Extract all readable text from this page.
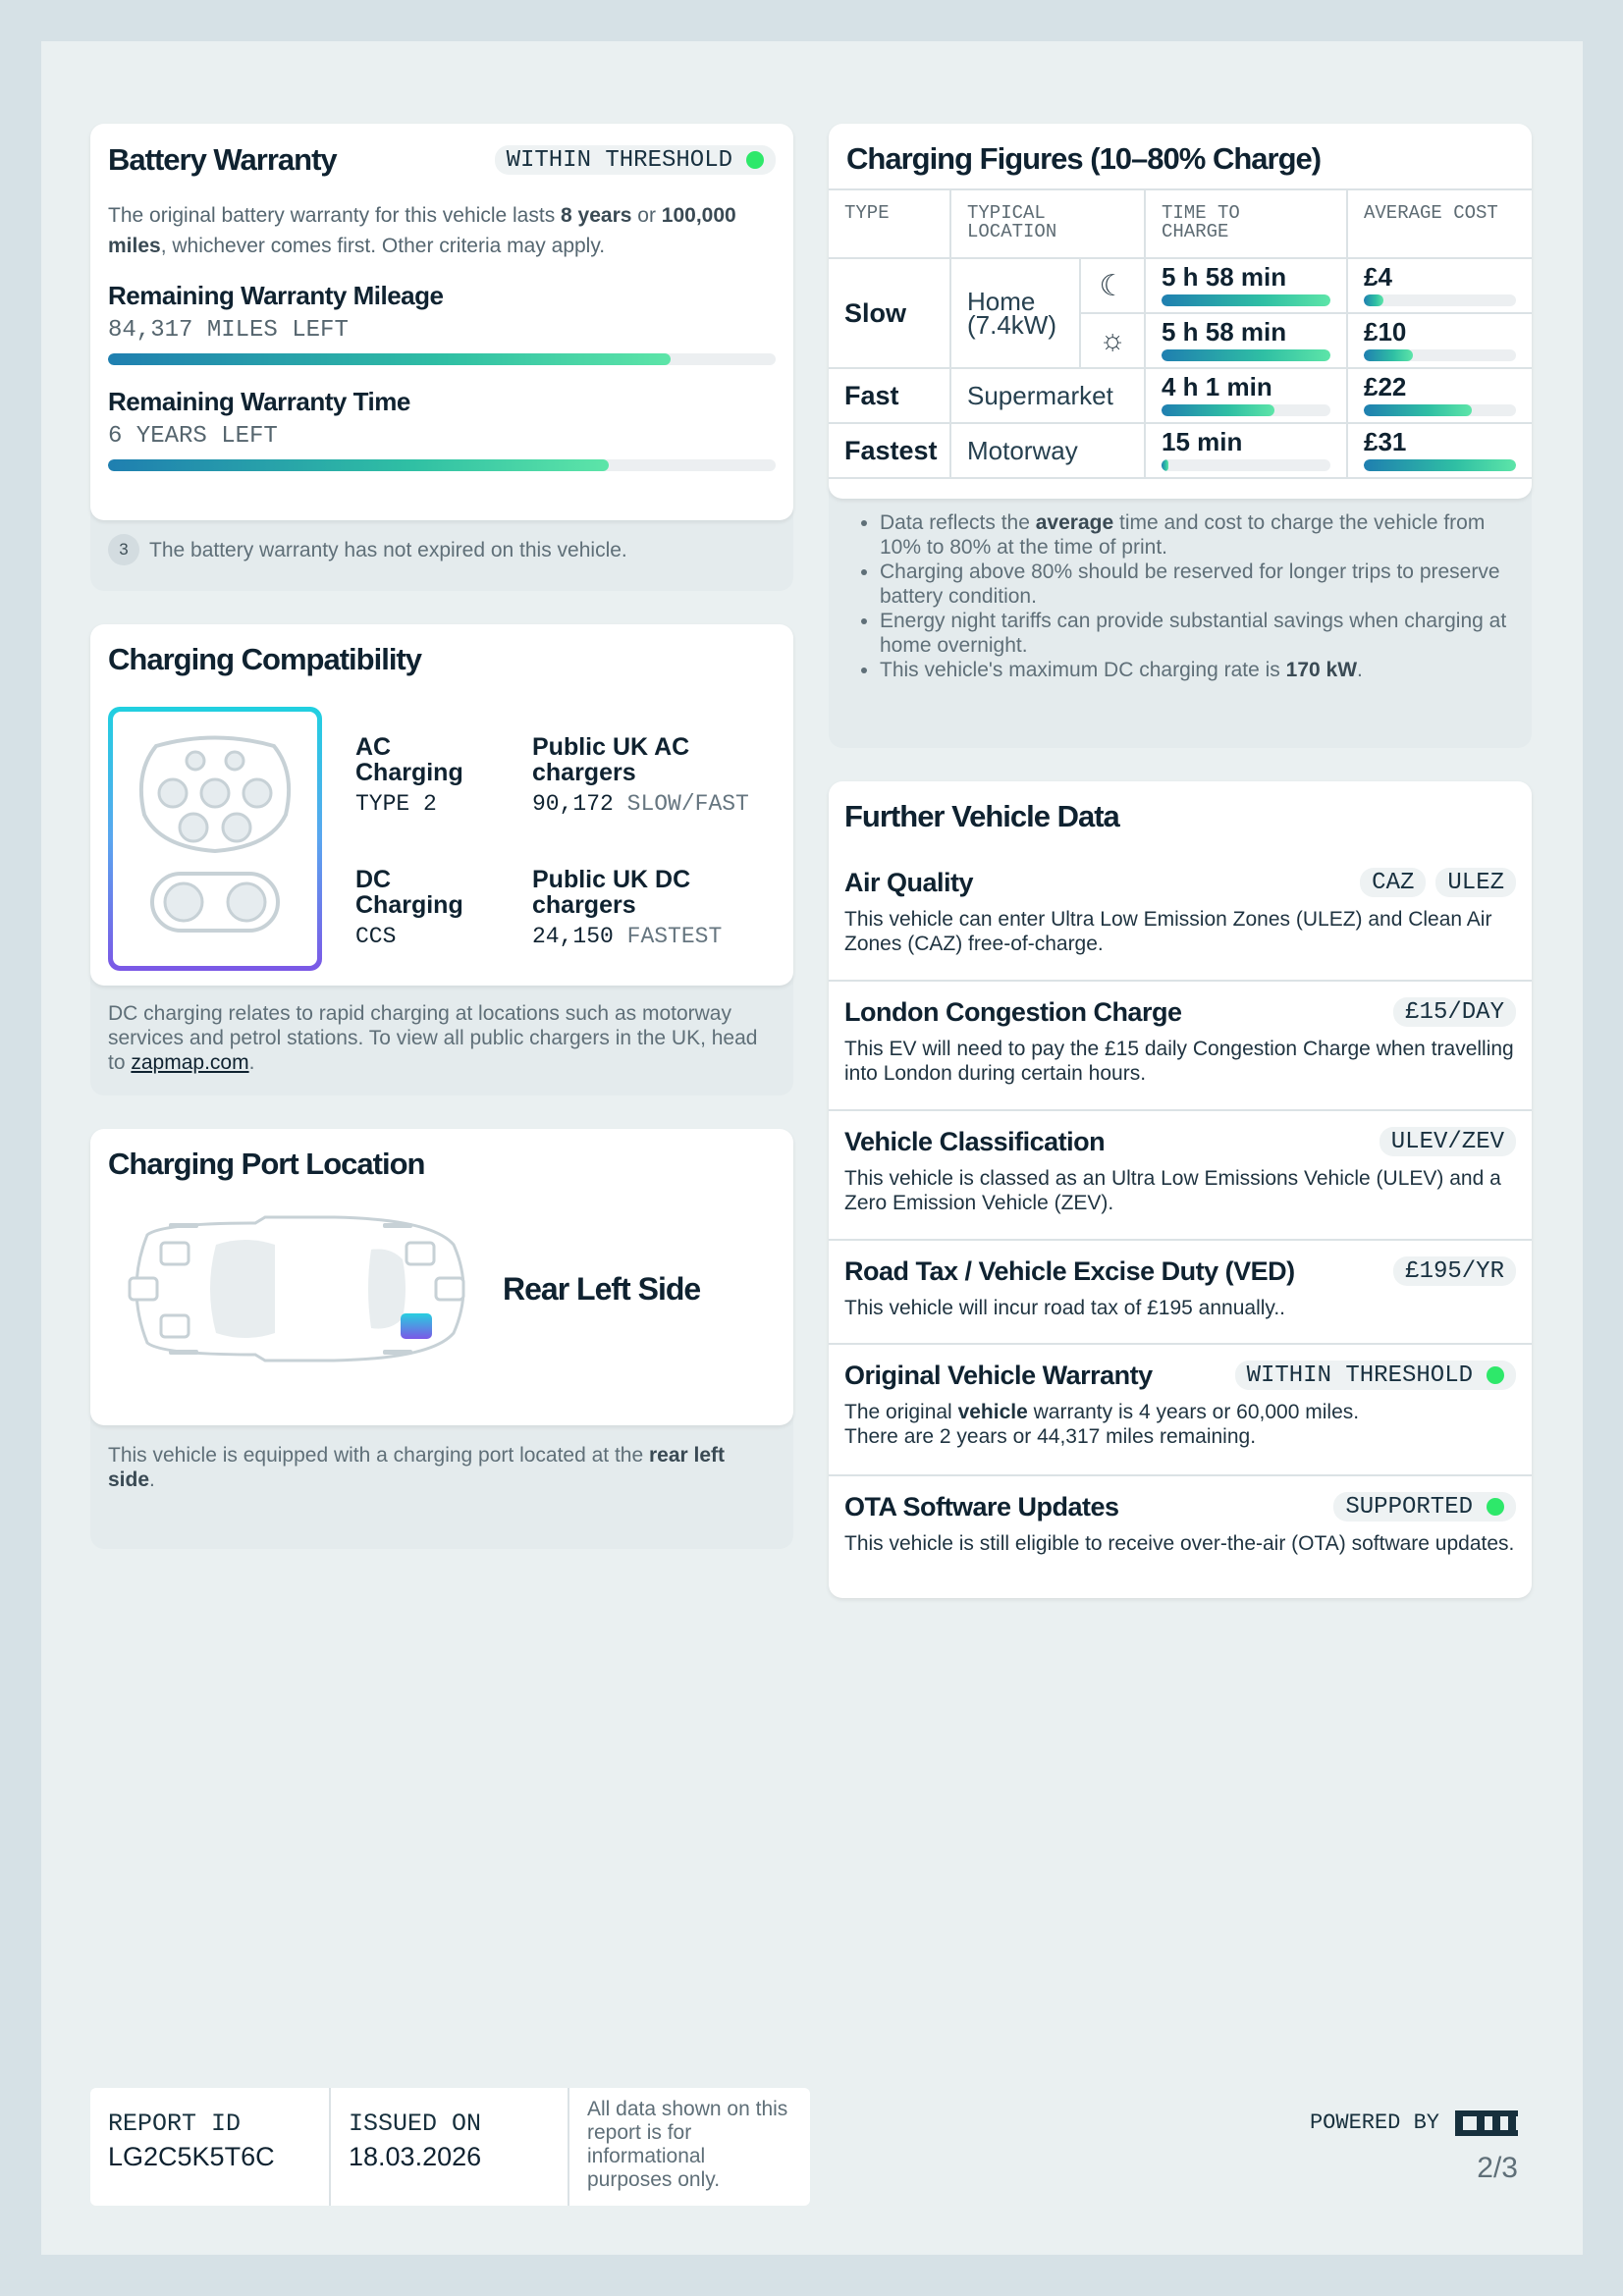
Battery Warranty	WITHIN THRESHOLD
The original battery warranty for this vehicle lasts 8 years or 100,000 miles, whichever comes first. Other criteria may apply.
Remaining Warranty Mileage
84,317 MILES LEFT
Remaining Warranty Time
6 YEARS LEFT
3	The battery warranty has not expired on this vehicle.
Charging Compatibility
AC Charging
TYPE 2
Public UK AC chargers
90,172 SLOW/FAST
DC Charging
CCS
Public UK DC chargers
24,150 FASTEST
DC charging relates to rapid charging at locations such as motorway services and petrol stations. To view all public chargers in the UK, head to zapmap.com.
Charging Port Location
Rear Left Side
This vehicle is equipped with a charging port located at the rear left side.
Charging Figures (10–80% Charge)
TYPE	TYPICAL LOCATION		TIME TO CHARGE	AVERAGE COST
Slow	Home (7.4kW)	☾	5 h 58 min	£4

		☼	5 h 58 min	£10

Fast	Supermarket		4 h 1 min	£22

Fastest	Motorway		15 min	£31
• Data reflects the average time and cost to charge the vehicle from 10% to 80% at the time of print.
• Charging above 80% should be reserved for longer trips to preserve battery condition.
• Energy night tariffs can provide substantial savings when charging at home overnight.
• This vehicle's maximum DC charging rate is 170 kW.
Further Vehicle Data
Air Quality	CAZ	ULEZ
This vehicle can enter Ultra Low Emission Zones (ULEZ) and Clean Air Zones (CAZ) free-of-charge.
London Congestion Charge	£15/DAY
This EV will need to pay the £15 daily Congestion Charge when travelling into London during certain hours.
Vehicle Classification	ULEV/ZEV
This vehicle is classed as an Ultra Low Emissions Vehicle (ULEV) and a Zero Emission Vehicle (ZEV).
Road Tax / Vehicle Excise Duty (VED)	£195/YR
This vehicle will incur road tax of £195 annually..
Original Vehicle Warranty	WITHIN THRESHOLD
The original vehicle warranty is 4 years or 60,000 miles.
There are 2 years or 44,317 miles remaining.
OTA Software Updates	SUPPORTED
This vehicle is still eligible to receive over-the-air (OTA) software updates.
REPORT ID
LG2C5K5T6C
ISSUED ON
18.03.2026
All data shown on this report is for informational purposes only.
POWERED BY
2/3
